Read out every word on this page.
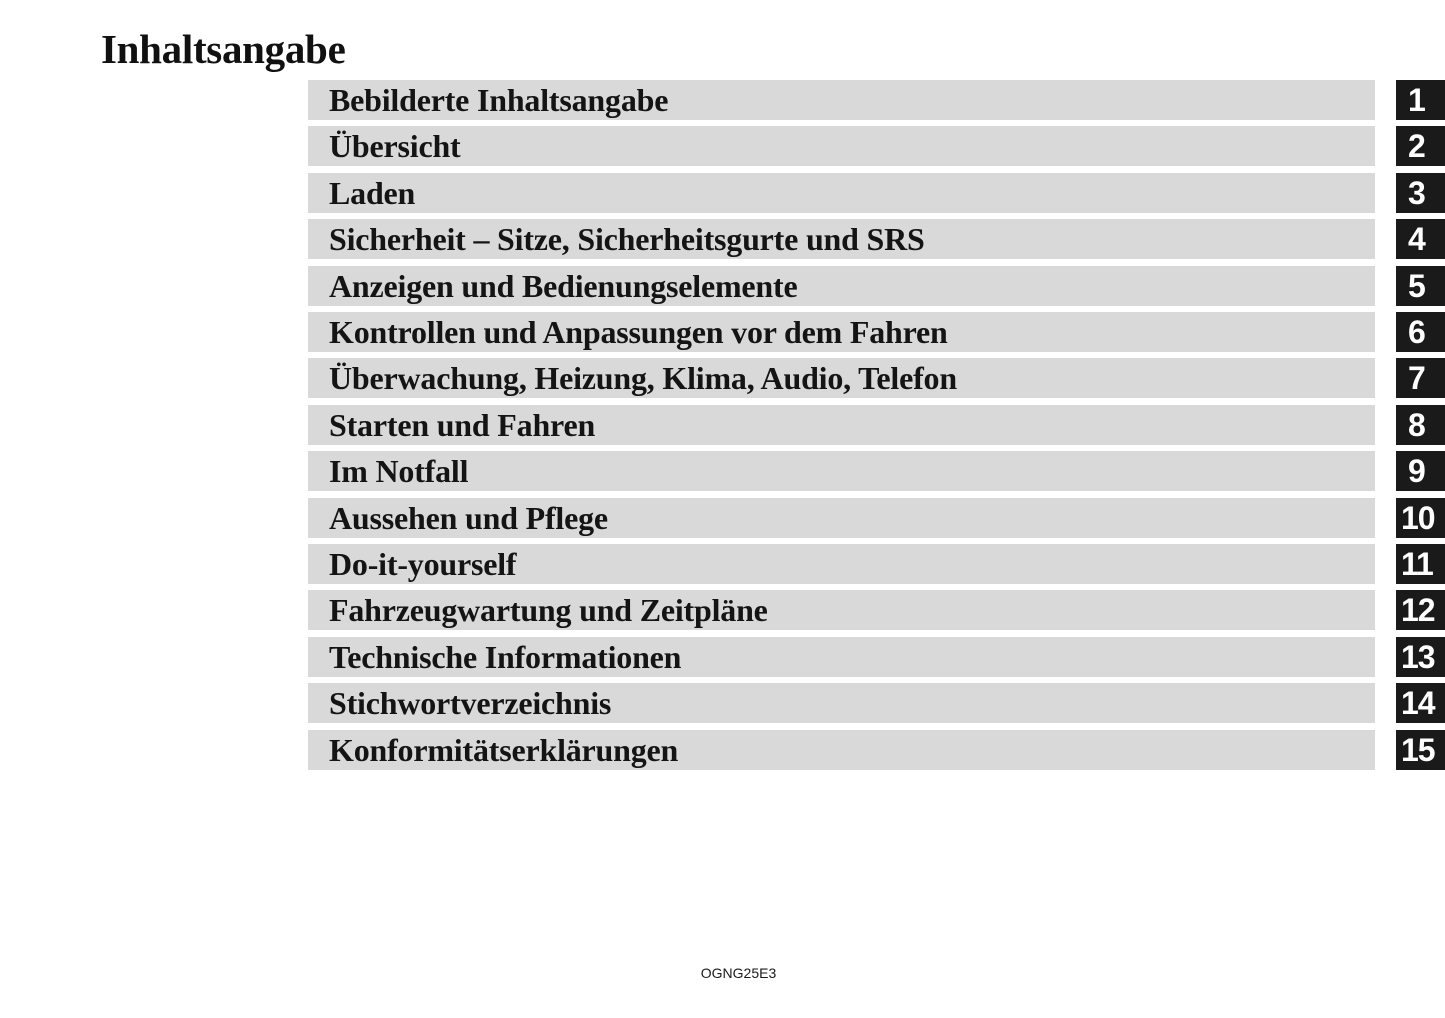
Inhaltsangabe
Bebilderte Inhaltsangabe	1
Übersicht	2
Laden	3
Sicherheit – Sitze, Sicherheitsgurte und SRS	4
Anzeigen und Bedienungselemente	5
Kontrollen und Anpassungen vor dem Fahren	6
Überwachung, Heizung, Klima, Audio, Telefon	7
Starten und Fahren	8
Im Notfall	9
Aussehen und Pflege	10
Do-it-yourself	11
Fahrzeugwartung und Zeitpläne	12
Technische Informationen	13
Stichwortverzeichnis	14
Konformitätserklärungen	15
OGNG25E3
